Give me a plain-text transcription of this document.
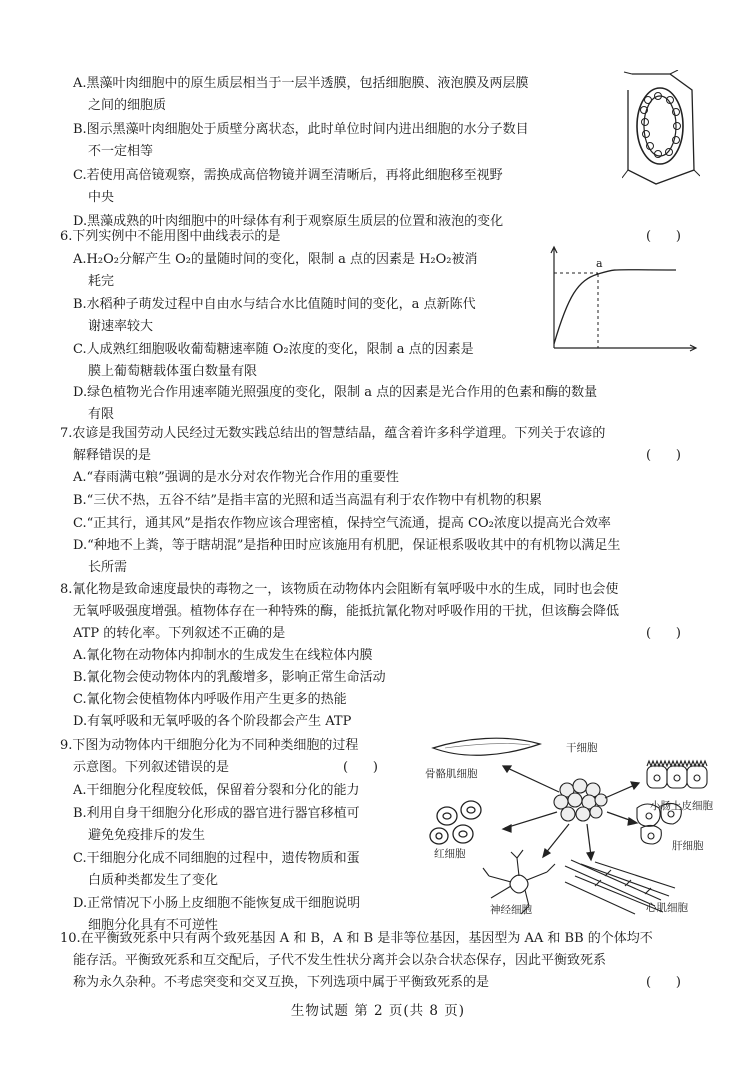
A.黑藻叶肉细胞中的原生质层相当于一层半透膜，包括细胞膜、液泡膜及两层膜
之间的细胞质
B.图示黑藻叶肉细胞处于质壁分离状态，此时单位时间内进出细胞的水分子数目
不一定相等
C.若使用高倍镜观察，需换成高倍物镜并调至清晰后，再将此细胞移至视野
中央
D.黑藻成熟的叶肉细胞中的叶绿体有利于观察原生质层的位置和液泡的变化
6.下列实例中不能用图中曲线表示的是	(      )
A.H₂O₂分解产生 O₂的量随时间的变化，限制 a 点的因素是 H₂O₂被消
耗完
B.水稻种子萌发过程中自由水与结合水比值随时间的变化，a 点新陈代
谢速率较大
C.人成熟红细胞吸收葡萄糖速率随 O₂浓度的变化，限制 a 点的因素是
膜上葡萄糖载体蛋白数量有限
D.绿色植物光合作用速率随光照强度的变化，限制 a 点的因素是光合作用的色素和酶的数量
有限
a
7.农谚是我国劳动人民经过无数实践总结出的智慧结晶，蕴含着许多科学道理。下列关于农谚的
解释错误的是	(      )
A.“春雨满屯粮”强调的是水分对农作物光合作用的重要性
B.“三伏不热，五谷不结”是指丰富的光照和适当高温有利于农作物中有机物的积累
C.“正其行，通其风”是指农作物应该合理密植，保持空气流通，提高 CO₂浓度以提高光合效率
D.“种地不上粪，等于瞎胡混”是指种田时应该施用有机肥，保证根系吸收其中的有机物以满足生
长所需
8.氰化物是致命速度最快的毒物之一，该物质在动物体内会阻断有氧呼吸中水的生成，同时也会使
无氧呼吸强度增强。植物体存在一种特殊的酶，能抵抗氰化物对呼吸作用的干扰，但该酶会降低
ATP 的转化率。下列叙述不正确的是	(      )
A.氰化物在动物体内抑制水的生成发生在线粒体内膜
B.氰化物会使动物体内的乳酸增多，影响正常生命活动
C.氰化物会使植物体内呼吸作用产生更多的热能
D.有氧呼吸和无氧呼吸的各个阶段都会产生 ATP
9.下图为动物体内干细胞分化为不同种类细胞的过程
示意图。下列叙述错误的是	(      )
A.干细胞分化程度较低，保留着分裂和分化的能力
B.利用自身干细胞分化形成的器官进行器官移植可
避免免疫排斥的发生
C.干细胞分化成不同细胞的过程中，遗传物质和蛋
白质种类都发生了变化
D.正常情况下小肠上皮细胞不能恢复成干细胞说明
细胞分化具有不可逆性
干细胞
骨骼肌细胞
小肠上皮细胞
红细胞
肝细胞
神经细胞	心肌细胞
10.在平衡致死系中只有两个致死基因 A 和 B，A 和 B 是非等位基因，基因型为 AA 和 BB 的个体均不
能存活。平衡致死系和互交配后，子代不发生性状分离并会以杂合状态保存，因此平衡致死系
称为永久杂种。不考虑突变和交叉互换，下列选项中属于平衡致死系的是	(      )
生物试题 第 2 页(共 8 页)
